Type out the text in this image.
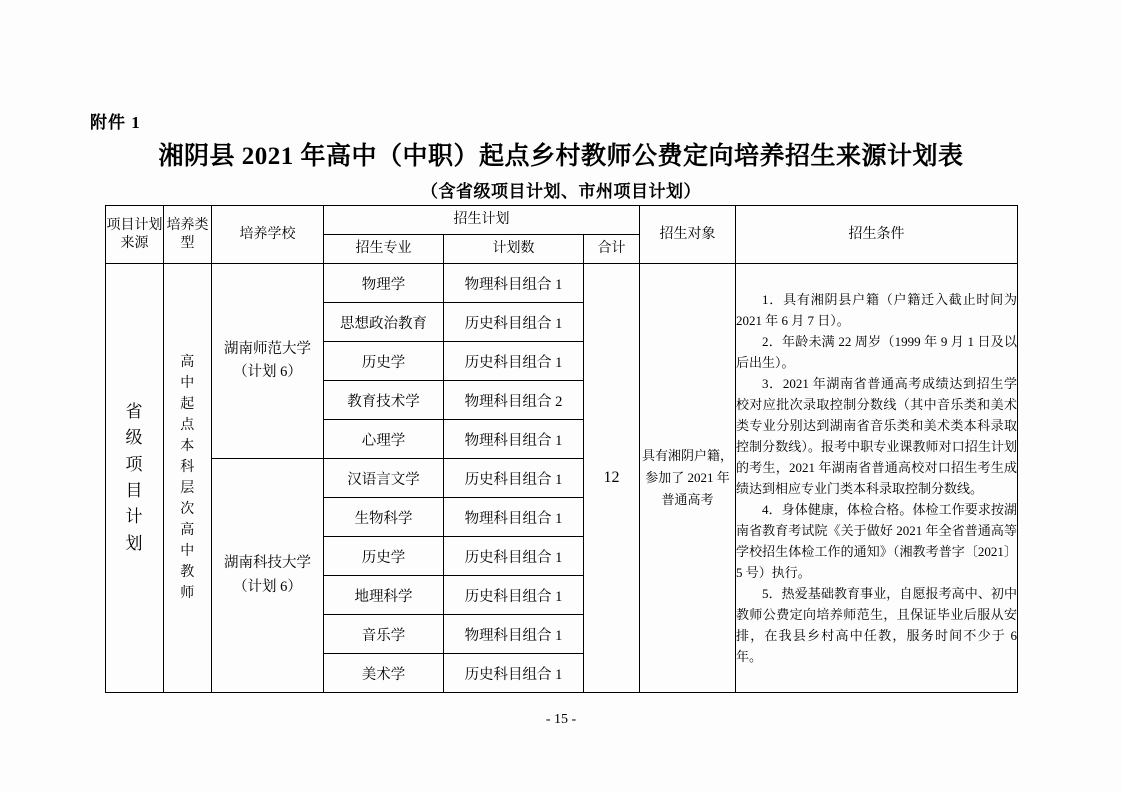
附件 1
湘阴县 2021 年高中（中职）起点乡村教师公费定向培养招生来源计划表
（含省级项目计划、市州项目计划）
项目计划来源	培养类型	培养学校	招生计划			招生对象	招生条件
			招生专业	计划数	合计		

省级项目计划	高中起点本科层次高中教师	湖南师范大学（计划 6）	物理学	物理科目组合 1	12	具有湘阴户籍，参加了 2021 年普通高考	1．具有湘阴县户籍（户籍迁入截止时间为 2021 年 6 月 7 日）。

2．年龄未满 22 周岁（1999 年 9 月 1 日及以后出生）。

3．2021 年湖南省普通高考成绩达到招生学校对应批次录取控制分数线（其中音乐类和美术类专业分别达到湖南省音乐类和美术类本科录取控制分数线）。报考中职专业课教师对口招生计划的考生，2021 年湖南省普通高校对口招生考生成绩达到相应专业门类本科录取控制分数线。

4．身体健康，体检合格。体检工作要求按湖南省教育考试院《关于做好 2021 年全省普通高等学校招生体检工作的通知》（湘教考普字〔2021〕5 号）执行。

5．热爱基础教育事业，自愿报考高中、初中教师公费定向培养师范生，且保证毕业后服从安排，在我县乡村高中任教，服务时间不少于 6 年。

			思想政治教育	历史科目组合 1			
			历史学	历史科目组合 1			
			教育技术学	物理科目组合 2			
			心理学	物理科目组合 1			
		湖南科技大学（计划 6）	汉语言文学	历史科目组合 1			
			生物科学	物理科目组合 1			
			历史学	历史科目组合 1			
			地理科学	历史科目组合 1			
			音乐学	物理科目组合 1			
			美术学	历史科目组合 1			
- 15 -
